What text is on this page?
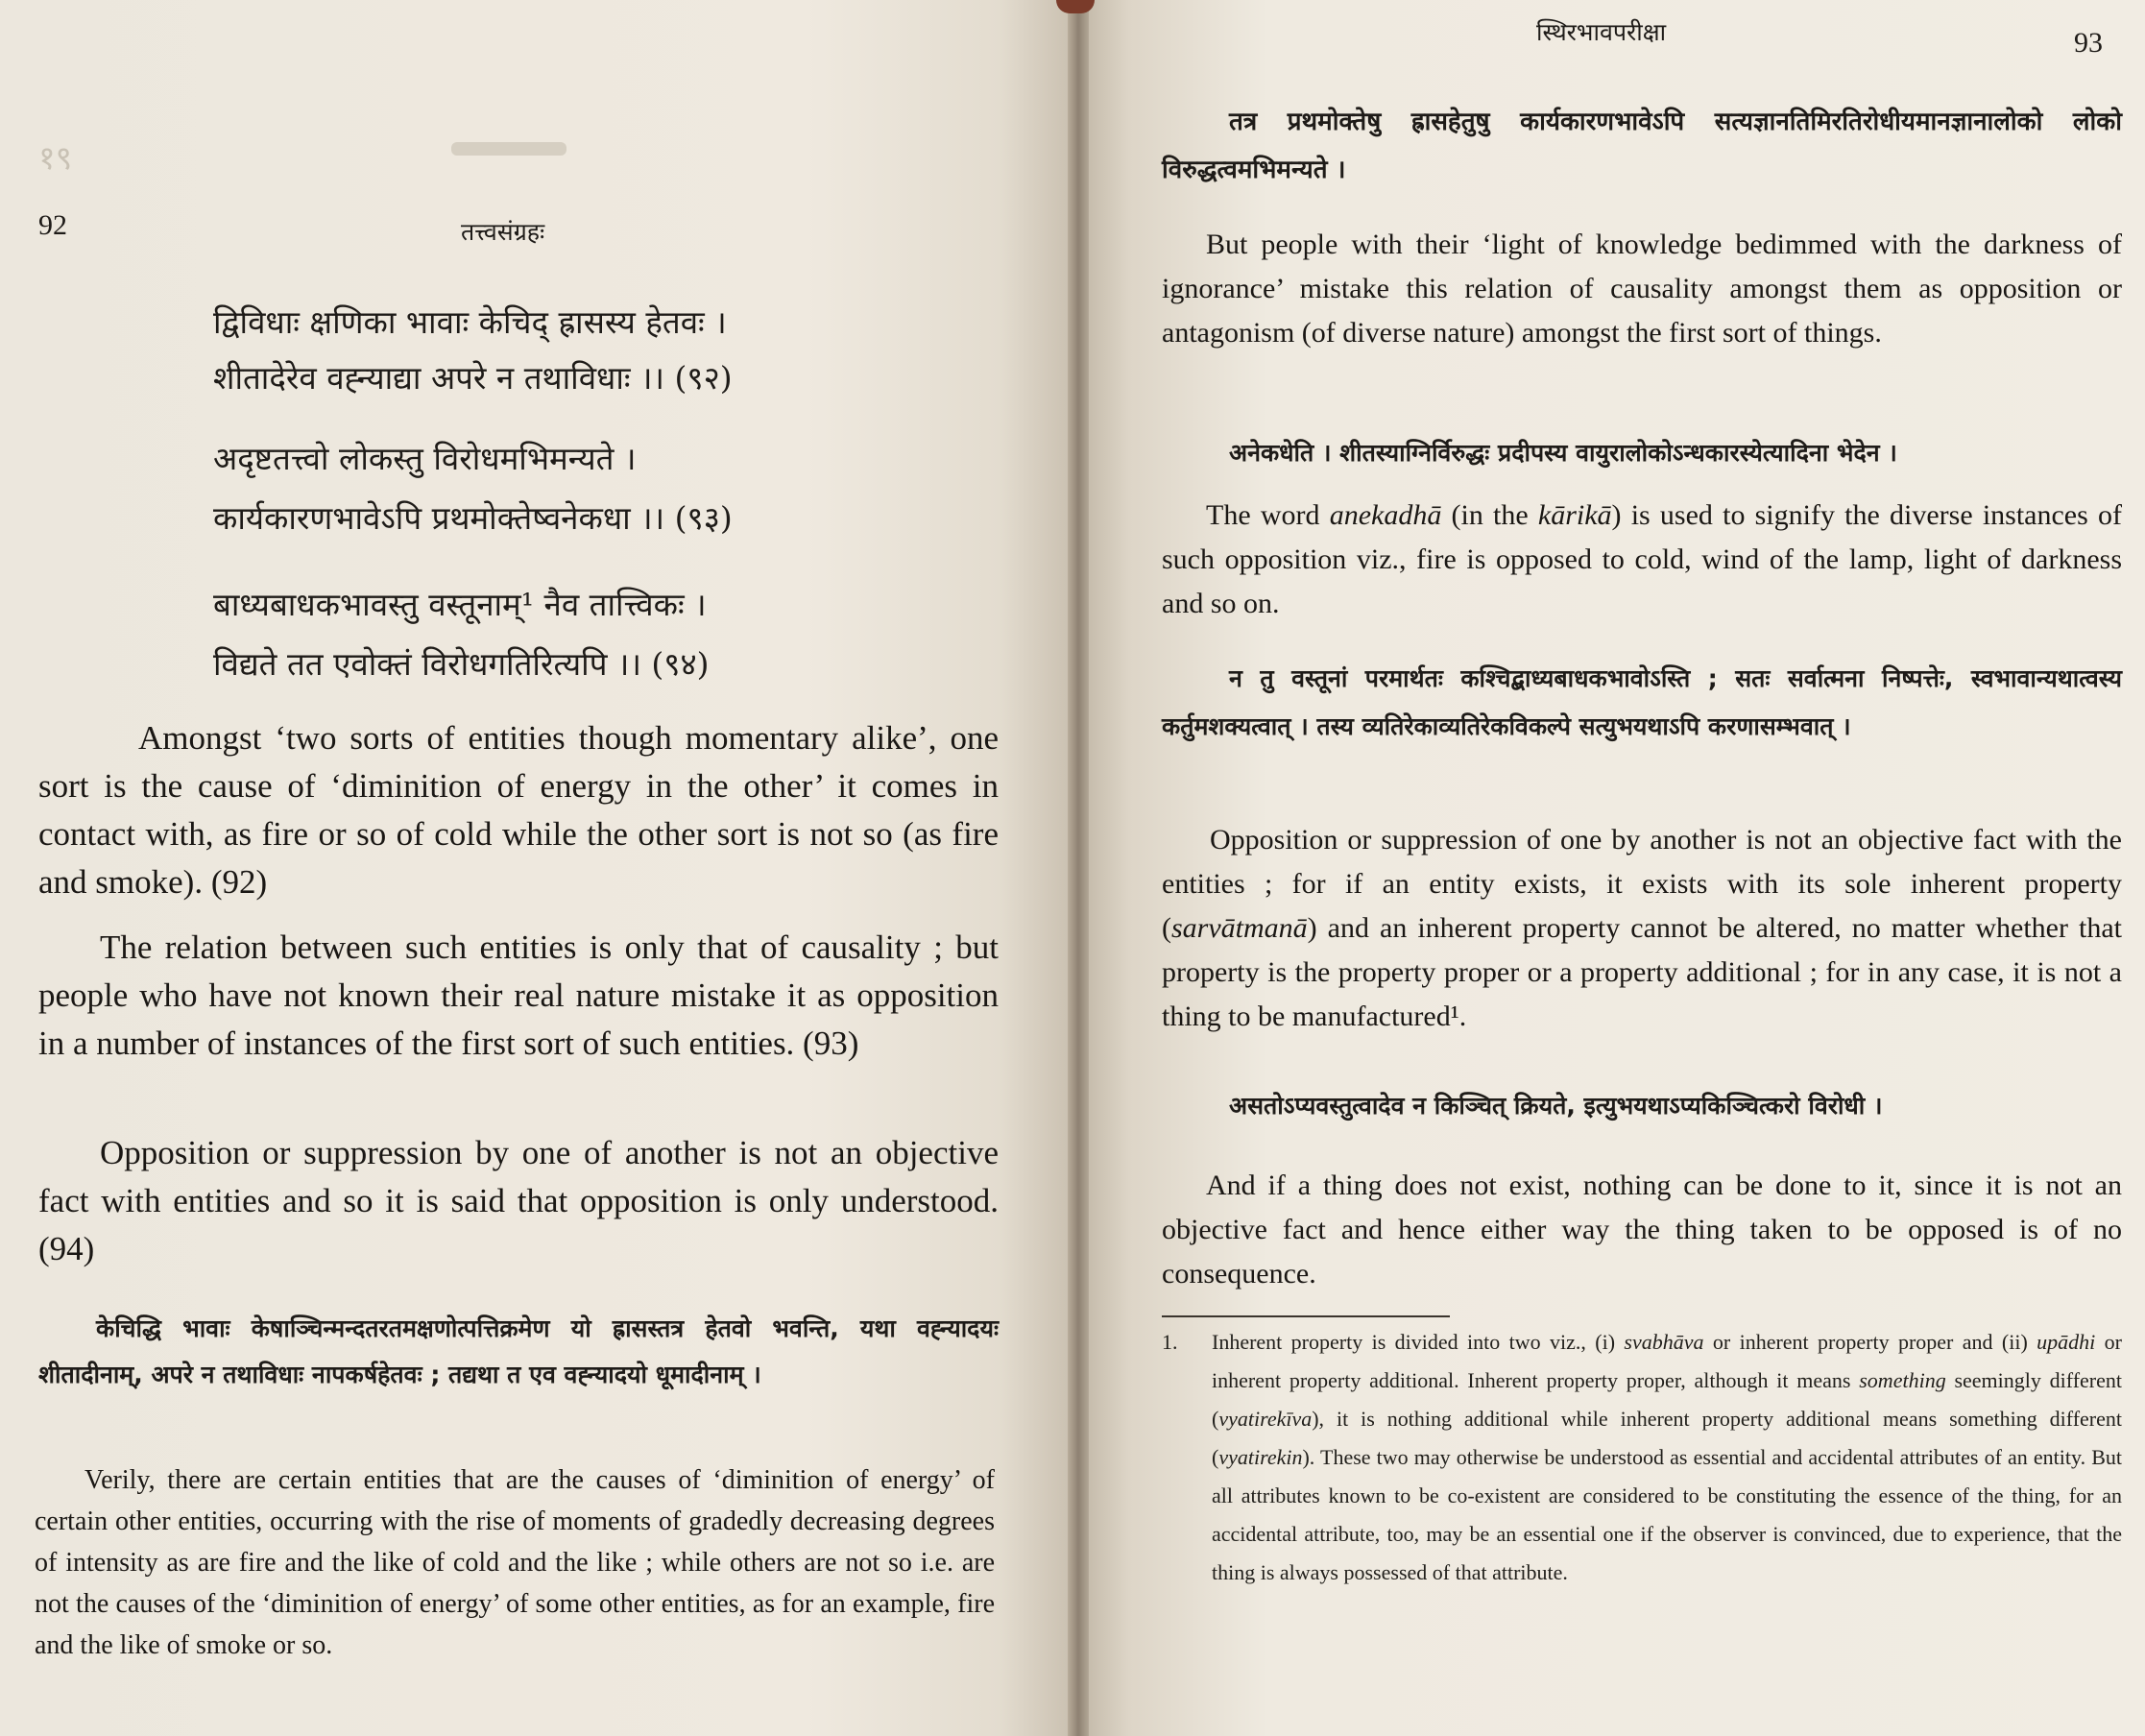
१९
92	तत्त्वसंग्रहः
द्विविधाः क्षणिका भावाः केचिद् ह्रासस्य हेतवः ।
शीतादेरेव वह्न्याद्या अपरे न तथाविधाः ।। (९२)
अदृष्टतत्त्वो लोकस्तु विरोधमभिमन्यते ।
कार्यकारणभावेऽपि प्रथमोक्तेष्वनेकधा ।। (९३)
बाध्यबाधकभावस्तु वस्तूनाम्¹ नैव तात्त्विकः ।
विद्यते तत एवोक्तं विरोधगतिरित्यपि ।। (९४)

Amongst ‘two sorts of entities though momentary alike’, one sort is the cause of ‘diminition of energy in the other’ it comes in contact with, as fire or so of cold while the other sort is not so (as fire and smoke). (92)

The relation between such entities is only that of causality ; but people who have not known their real nature mistake it as opposition in a number of instances of the first sort of such entities. (93)

Opposition or suppression by one of another is not an objective fact with entities and so it is said that opposition is only understood. (94)

केचिद्धि भावाः केषाञ्चिन्मन्दतरतमक्षणोत्पत्तिक्रमेण यो ह्रासस्तत्र हेतवो भवन्ति, यथा वह्न्यादयः शीतादीनाम्, अपरे न तथाविधाः नापकर्षहेतवः ; तद्यथा त एव वह्न्यादयो धूमादीनाम् ।

Verily, there are certain entities that are the causes of ‘diminition of energy’ of certain other entities, occurring with the rise of moments of gradedly decreasing degrees of intensity as are fire and the like of cold and the like ; while others are not so i.e. are not the causes of the ‘diminition of energy’ of some other entities, as for an example, fire and the like of smoke or so.

स्थिरभावपरीक्षा	93

तत्र प्रथमोक्तेषु ह्रासहेतुषु कार्यकारणभावेऽपि सत्यज्ञानतिमिरतिरोधीयमानज्ञानालोको लोको विरुद्धत्वमभिमन्यते ।

But people with their ‘light of knowledge bedimmed with the darkness of ignorance’ mistake this relation of causality amongst them as opposition or antagonism (of diverse nature) amongst the first sort of things.

अनेकधेति । शीतस्याग्निर्विरुद्धः प्रदीपस्य वायुरालोकोऽन्धकारस्येत्यादिना भेदेन ।

The word anekadhā (in the kārikā) is used to signify the diverse instances of such opposition viz., fire is opposed to cold, wind of the lamp, light of darkness and so on.

न तु वस्तूनां परमार्थतः कश्चिद्बाध्यबाधकभावोऽस्ति ; सतः सर्वात्मना निष्पत्तेः, स्वभावान्यथात्वस्य कर्तुमशक्यत्वात् । तस्य व्यतिरेकाव्यतिरेकविकल्पे सत्युभयथाऽपि करणासम्भवात् ।

Opposition or suppression of one by another is not an objective fact with the entities ; for if an entity exists, it exists with its sole inherent property (sarvātmanā) and an inherent property cannot be altered, no matter whether that property is the property proper or a property additional ; for in any case, it is not a thing to be manufactured¹.

असतोऽप्यवस्तुत्वादेव न किञ्चित् क्रियते, इत्युभयथाऽप्यकिञ्चित्करो विरोधी ।

And if a thing does not exist, nothing can be done to it, since it is not an objective fact and hence either way the thing taken to be opposed is of no consequence.

1. Inherent property is divided into two viz., (i) svabhāva or inherent property proper and (ii) upādhi or inherent property additional. Inherent property proper, although it means something seemingly different (vyatirekīva), it is nothing additional while inherent property additional means something different (vyatirekin). These two may otherwise be understood as essential and accidental attributes of an entity. But all attributes known to be co-existent are considered to be constituting the essence of the thing, for an accidental attribute, too, may be an essential one if the observer is convinced, due to experience, that the thing is always possessed of that attribute.
